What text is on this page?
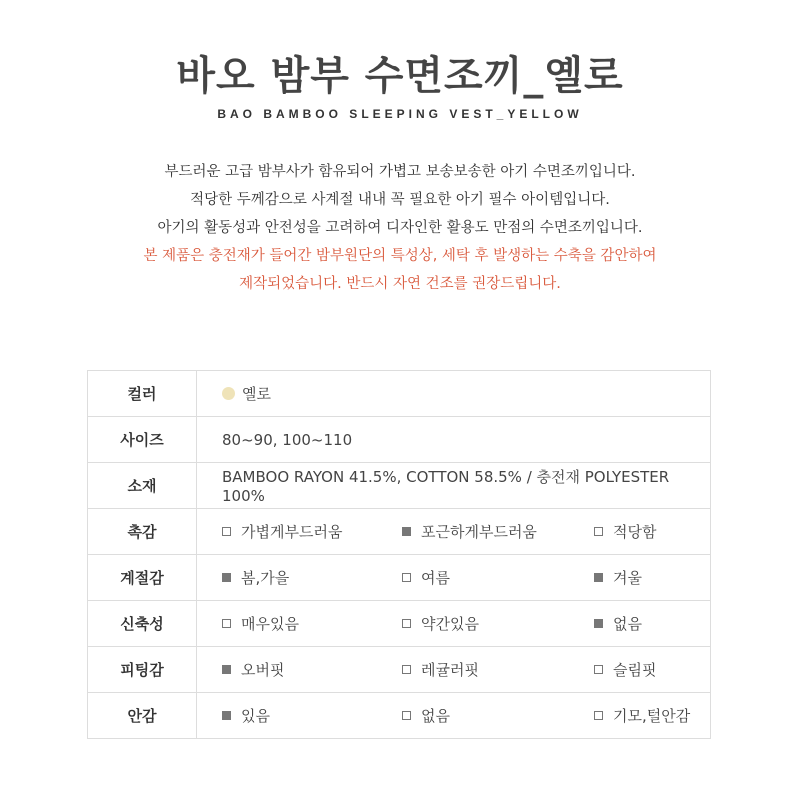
바오 밤부 수면조끼_옐로
BAO BAMBOO SLEEPING VEST_YELLOW
부드러운 고급 밤부사가 함유되어 가볍고 보송보송한 아기 수면조끼입니다.
적당한 두께감으로 사계절 내내 꼭 필요한 아기 필수 아이템입니다.
아기의 활동성과 안전성을 고려하여 디자인한 활용도 만점의 수면조끼입니다.
본 제품은 충전재가 들어간 밤부원단의 특성상, 세탁 후 발생하는 수축을 감안하여
제작되었습니다. 반드시 자연 건조를 권장드립니다.
컬러	옐로
사이즈	80~90, 100~110
소재	BAMBOO RAYON 41.5%, COTTON 58.5% / 충전재 POLYESTER 100%
촉감	가볍게부드러움 포근하게부드러움 적당함

계절감	봄,가을 여름 겨울

신축성	매우있음 약간있음 없음

피팅감	오버핏 레귤러핏 슬림핏

안감	있음 없음 기모,털안감
